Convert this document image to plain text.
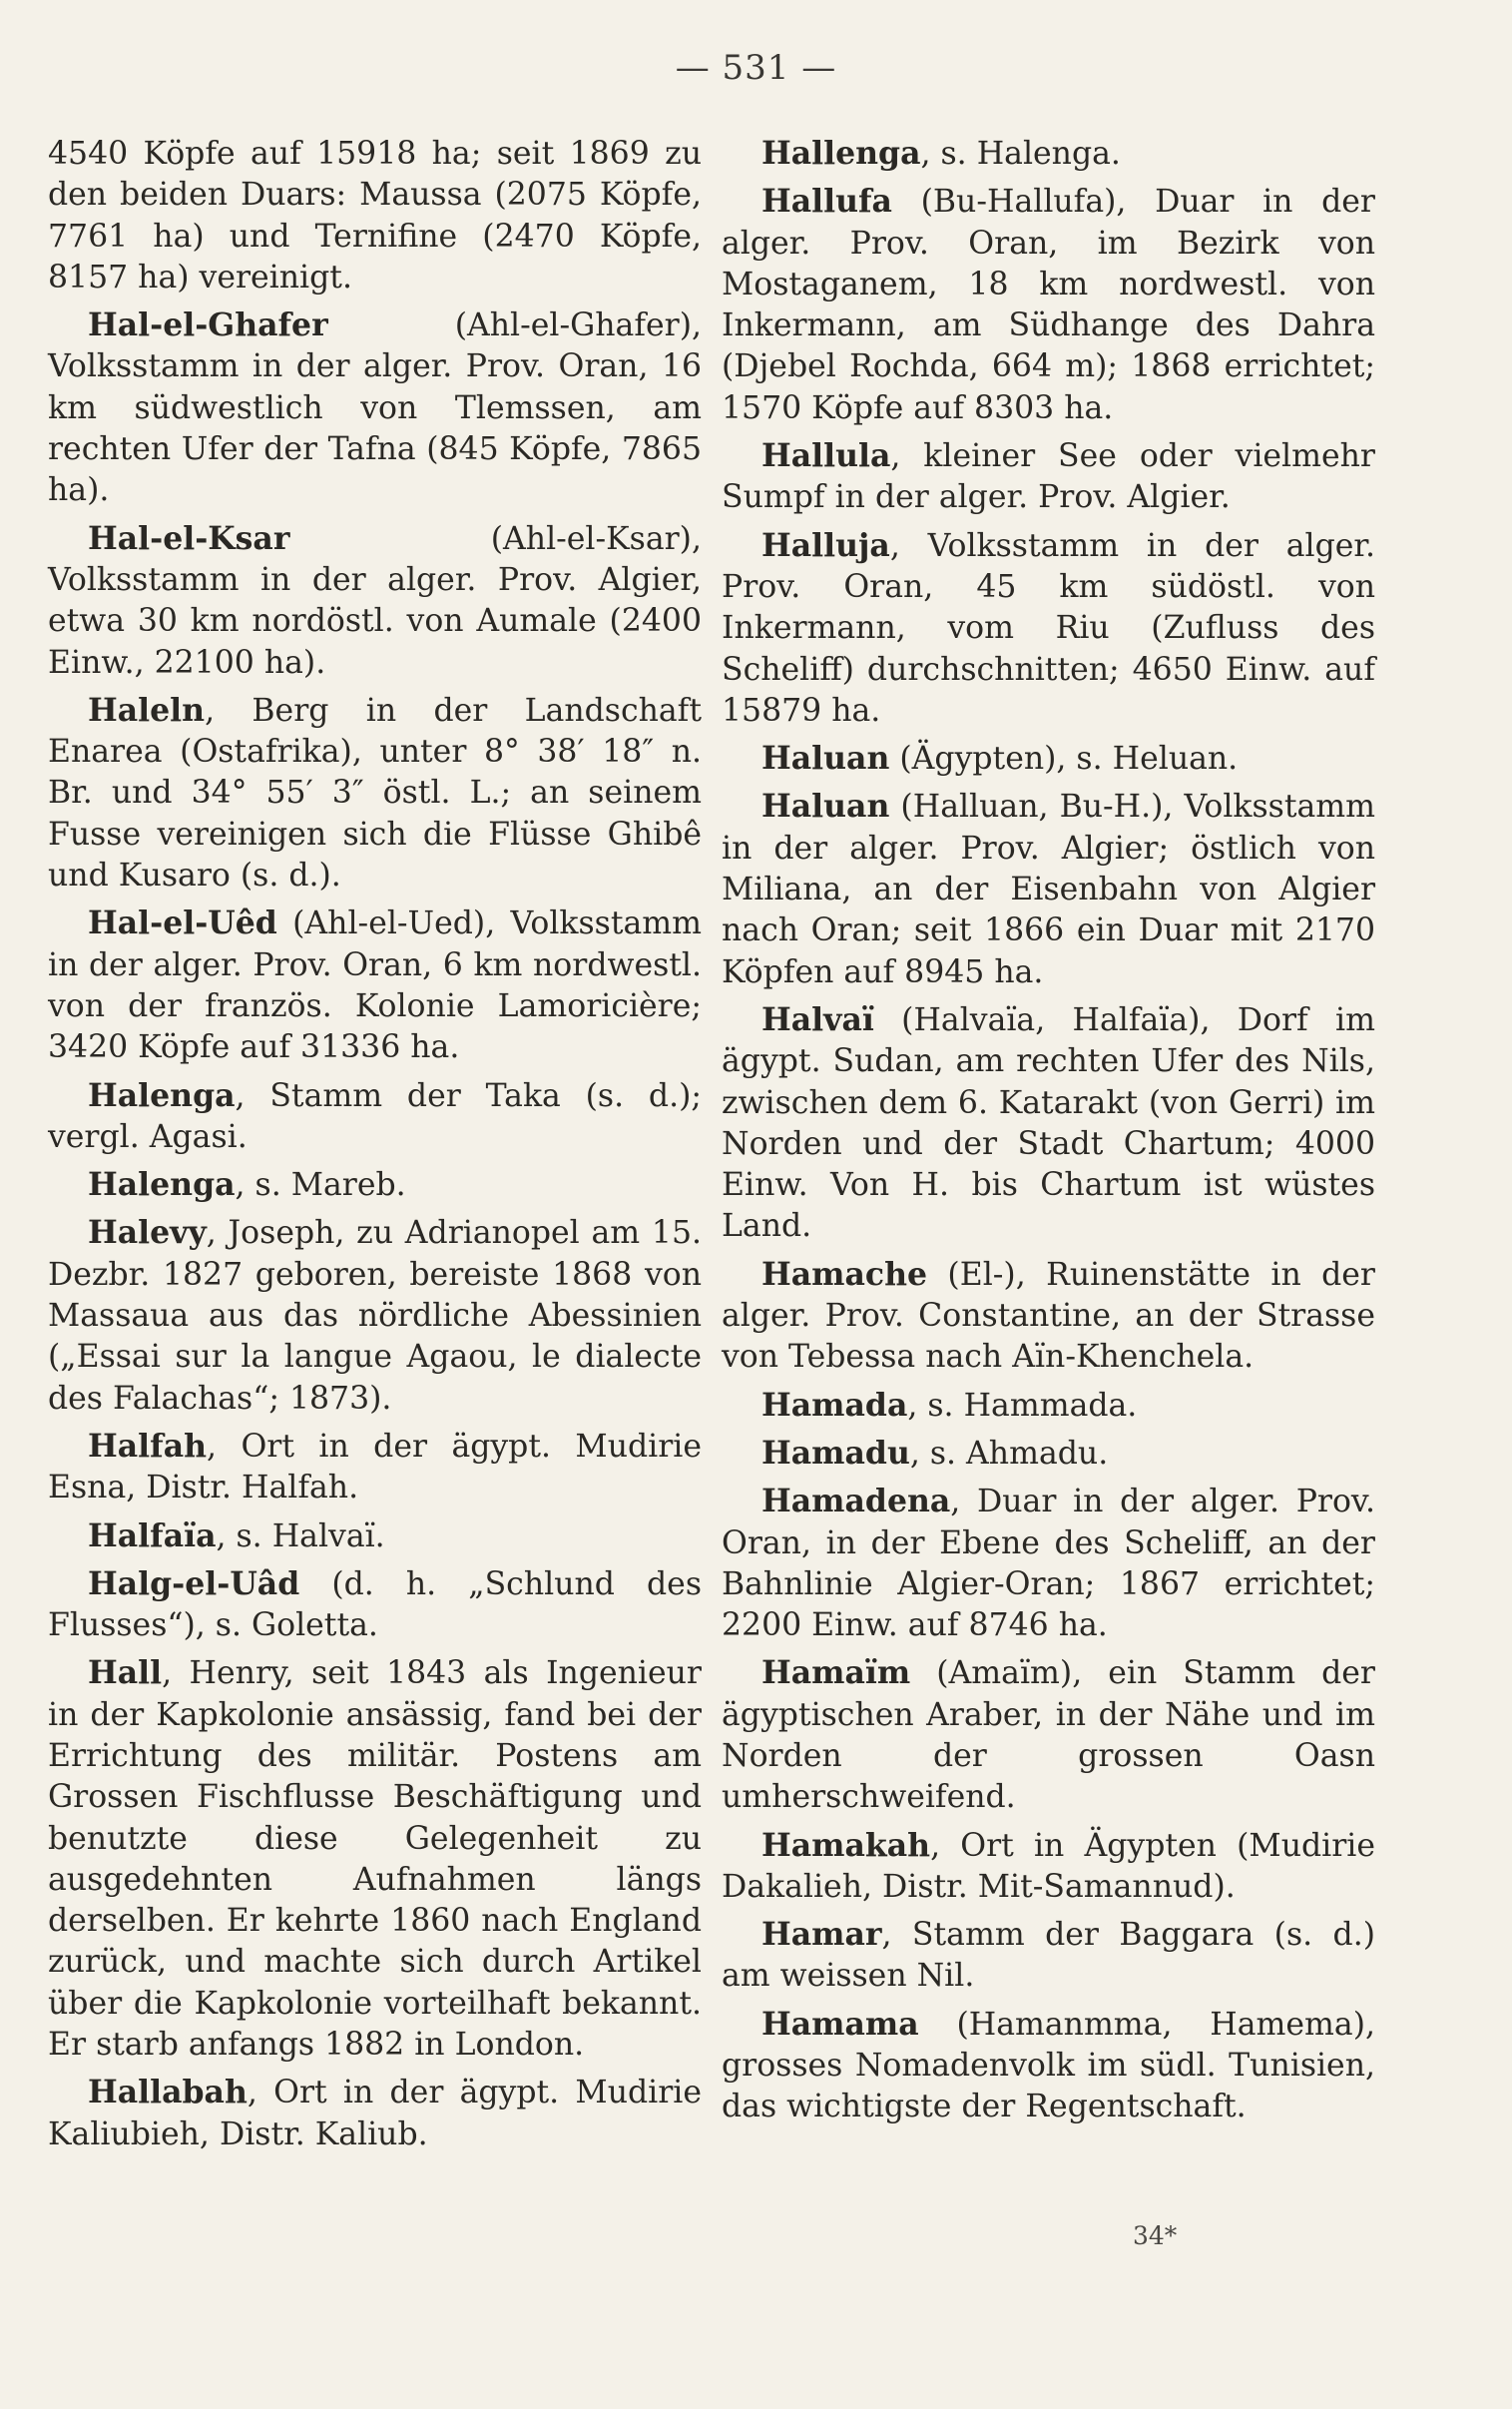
— 531 —

4540 Köpfe auf 15918 ha; seit 1869 zu den beiden Duars: Maussa (2075 Köpfe, 7761 ha) und Ternifine (2470 Köpfe, 8157 ha) vereinigt.

Hal-el-Ghafer (Ahl-el-Ghafer), Volksstamm in der alger. Prov. Oran, 16 km südwestlich von Tlemssen, am rechten Ufer der Tafna (845 Köpfe, 7865 ha).

Hal-el-Ksar (Ahl-el-Ksar), Volksstamm in der alger. Prov. Algier, etwa 30 km nordöstl. von Aumale (2400 Einw., 22100 ha).

Haleln, Berg in der Landschaft Enarea (Ostafrika), unter 8° 38′ 18″ n. Br. und 34° 55′ 3″ östl. L.; an seinem Fusse vereinigen sich die Flüsse Ghibê und Kusaro (s. d.).

Hal-el-Uêd (Ahl-el-Ued), Volksstamm in der alger. Prov. Oran, 6 km nordwestl. von der französ. Kolonie Lamoricière; 3420 Köpfe auf 31336 ha.

Halenga, Stamm der Taka (s. d.); vergl. Agasi.

Halenga, s. Mareb.

Halevy, Joseph, zu Adrianopel am 15. Dezbr. 1827 geboren, bereiste 1868 von Massaua aus das nördliche Abessinien („Essai sur la langue Agaou, le dialecte des Falachas“; 1873).

Halfah, Ort in der ägypt. Mudirie Esna, Distr. Halfah.

Halfaïa, s. Halvaï.

Halg-el-Uâd (d. h. „Schlund des Flusses“), s. Goletta.

Hall, Henry, seit 1843 als Ingenieur in der Kapkolonie ansässig, fand bei der Errichtung des militär. Postens am Grossen Fischflusse Beschäftigung und benutzte diese Gelegenheit zu ausgedehnten Aufnahmen längs derselben. Er kehrte 1860 nach England zurück, und machte sich durch Artikel über die Kapkolonie vorteilhaft bekannt. Er starb anfangs 1882 in London.

Hallabah, Ort in der ägypt. Mudirie Kaliubieh, Distr. Kaliub.

Hallenga, s. Halenga.

Hallufa (Bu-Hallufa), Duar in der alger. Prov. Oran, im Bezirk von Mostaganem, 18 km nordwestl. von Inkermann, am Südhange des Dahra (Djebel Rochda, 664 m); 1868 errichtet; 1570 Köpfe auf 8303 ha.

Hallula, kleiner See oder vielmehr Sumpf in der alger. Prov. Algier.

Halluja, Volksstamm in der alger. Prov. Oran, 45 km südöstl. von Inkermann, vom Riu (Zufluss des Scheliff) durchschnitten; 4650 Einw. auf 15879 ha.

Haluan (Ägypten), s. Heluan.

Haluan (Halluan, Bu-H.), Volksstamm in der alger. Prov. Algier; östlich von Miliana, an der Eisenbahn von Algier nach Oran; seit 1866 ein Duar mit 2170 Köpfen auf 8945 ha.

Halvaï (Halvaïa, Halfaïa), Dorf im ägypt. Sudan, am rechten Ufer des Nils, zwischen dem 6. Katarakt (von Gerri) im Norden und der Stadt Chartum; 4000 Einw. Von H. bis Chartum ist wüstes Land.

Hamache (El-), Ruinenstätte in der alger. Prov. Constantine, an der Strasse von Tebessa nach Aïn-Khenchela.

Hamada, s. Hammada.

Hamadu, s. Ahmadu.

Hamadena, Duar in der alger. Prov. Oran, in der Ebene des Scheliff, an der Bahnlinie Algier-Oran; 1867 errichtet; 2200 Einw. auf 8746 ha.

Hamaïm (Amaïm), ein Stamm der ägyptischen Araber, in der Nähe und im Norden der grossen Oasn umherschweifend.

Hamakah, Ort in Ägypten (Mudirie Dakalieh, Distr. Mit-Samannud).

Hamar, Stamm der Baggara (s. d.) am weissen Nil.

Hamama (Hamanmma, Hamema), grosses Nomadenvolk im südl. Tunisien, das wichtigste der Regentschaft.

34*
